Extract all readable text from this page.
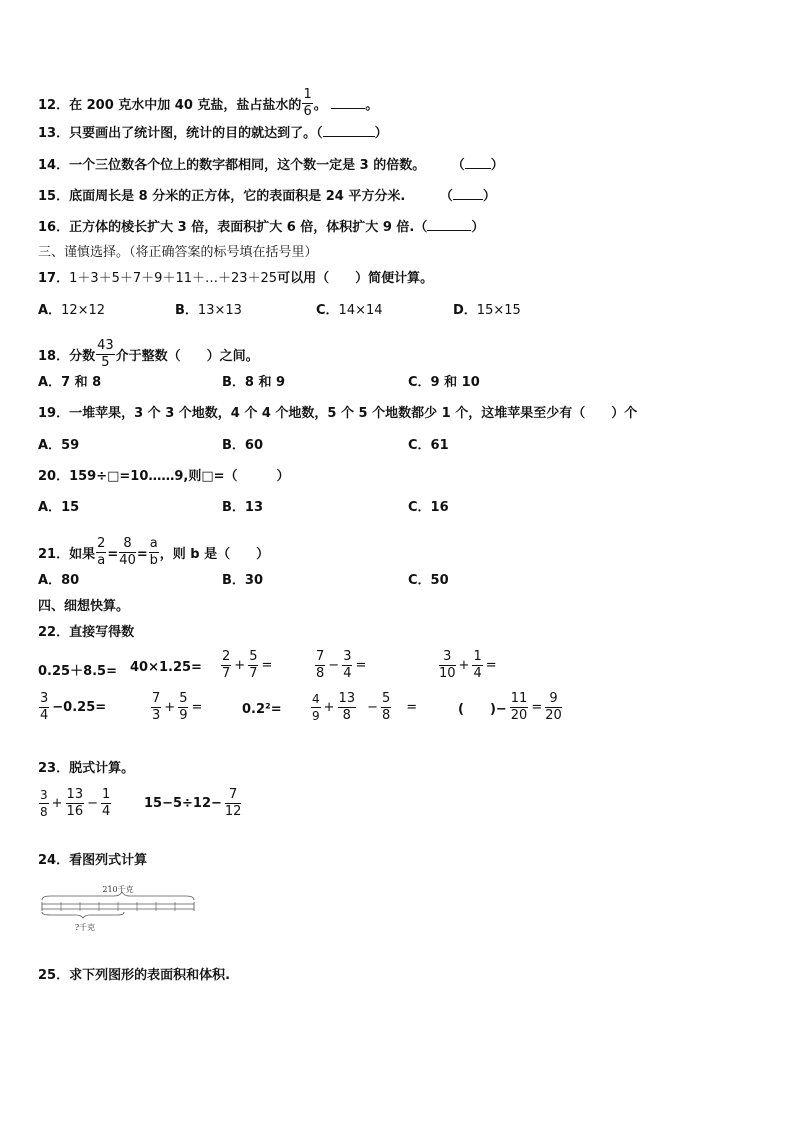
12．在 200 克水中加 40 克盐，盐占盐水的 $\frac{1}{6}$ 。	。
13．只要画出了统计图，统计的目的就达到了。（	）
14．一个三位数各个位上的数字都相同，这个数一定是 3 的倍数。 （ ）
15．底面周长是 8 分米的正方体，它的表面积是 24 平方分米.	（ ）
16．正方体的棱长扩大 3 倍，表面积扩大 6 倍，体积扩大 9 倍.（	）
三、谨慎选择。（将正确答案的标号填在括号里）
17．1＋3＋5＋7＋9＋11＋…＋23＋25可以用（　　）简便计算。
A．12×12	B．13×13	C．14×14	D．15×15
18．分数 $\frac{43}{5}$ 介于整数（　　）之间。
A．7 和 8	B．8 和 9	C．9 和 10
19．一堆苹果，3 个 3 个地数，4 个 4 个地数，5 个 5 个地数都少 1 个，这堆苹果至少有（　　）个
A．59	B．60	C．61
20．159÷□=10……9,则□=（　　　）
A．15	B．13	C．16
21．如果 $\frac{2}{a} = \frac{8}{40} = \frac{a}{b}$ ，则 b 是（　　）
A．80	B．30	C．50
四、细想快算。
22．直接写得数
$0.25+8.5= 40\times 1.25= \frac{2}{7} + \frac{5}{7}$ =	$\frac{7}{8} - \frac{3}{4}$ =	$\frac{3}{10} + \frac{1}{4}$ =
$\frac{3}{4} -0.25=$	$\frac{7}{3} + \frac{5}{9}$ =	$0.2^2= \frac{4}{9} + \frac{13}{8} - \frac{5}{8}$ =	(　　)− $\frac{11}{20} = \frac{9}{20}$
23．脱式计算。
$\frac{3}{8} + \frac{13}{16} - \frac{1}{4}$	$15-5\div 12- \frac{7}{12}$
24．看图列式计算
210千克
?千克
25．求下列图形的表面积和体积.
